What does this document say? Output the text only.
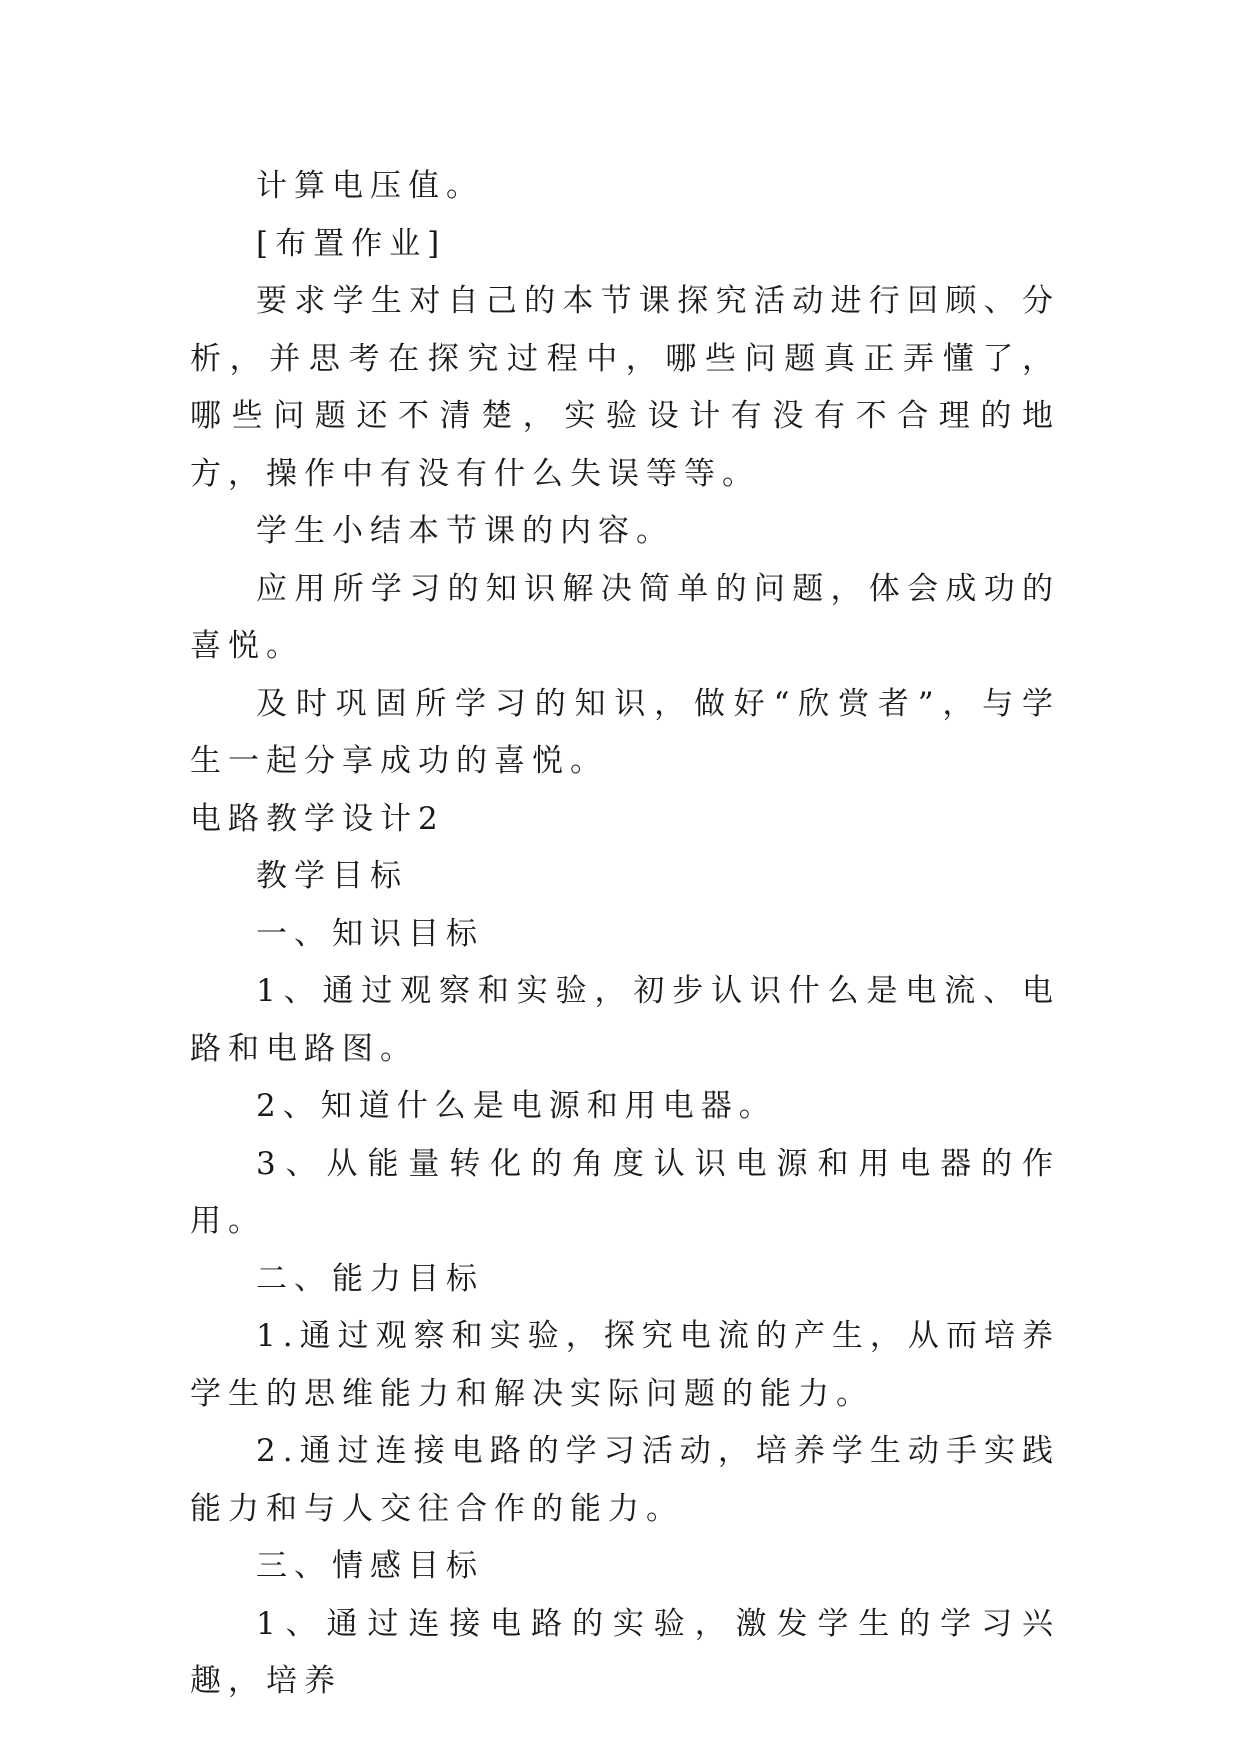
计算电压值。

[布置作业]

要求学生对自己的本节课探究活动进行回顾、分析，并思考在探究过程中，哪些问题真正弄懂了，哪些问题还不清楚，实验设计有没有不合理的地方，操作中有没有什么失误等等。

学生小结本节课的内容。

应用所学习的知识解决简单的问题，体会成功的喜悦。

及时巩固所学习的知识，做好“欣赏者”，与学生一起分享成功的喜悦。

电路教学设计2

教学目标

一、知识目标

1、通过观察和实验，初步认识什么是电流、电路和电路图。

2、知道什么是电源和用电器。

3、从能量转化的角度认识电源和用电器的作用。

二、能力目标

1.通过观察和实验，探究电流的产生，从而培养学生的思维能力和解决实际问题的能力。

2.通过连接电路的学习活动，培养学生动手实践能力和与人交往合作的能力。

三、情感目标

1、通过连接电路的实验，激发学生的学习兴趣，培养
